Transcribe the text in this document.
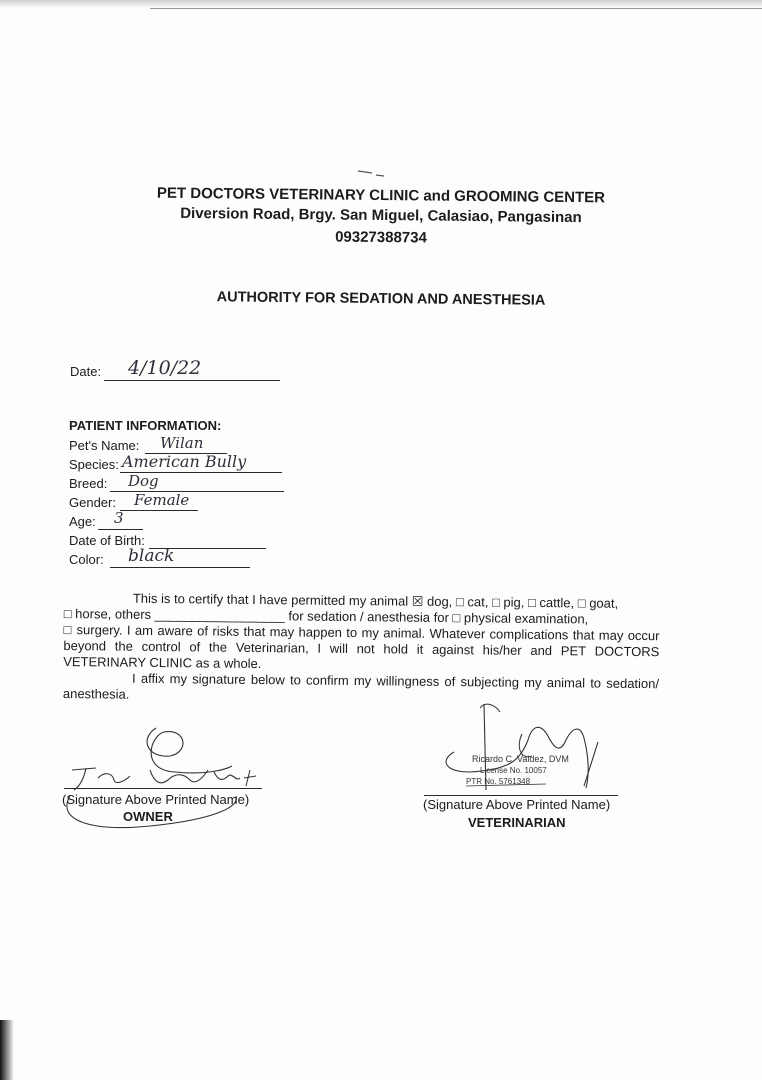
PET DOCTORS VETERINARY CLINIC and GROOMING CENTER
Diversion Road, Brgy. San Miguel, Calasiao, Pangasinan
09327388734
AUTHORITY FOR SEDATION AND ANESTHESIA
Date: 4/10/22
PATIENT INFORMATION:
Pet's Name: Wilan
Species: American Bully
Breed: Dog
Gender: Female
Age: 3
Date of Birth:
Color: black

This is to certify that I have permitted my animal ☒ dog, □ cat, □ pig, □ cattle, □ goat,

□ horse, others __________________ for sedation / anesthesia for □ physical examination,

□ surgery. I am aware of risks that may happen to my animal. Whatever complications that may occur beyond the control of the Veterinarian, I will not hold it against his/her and PET DOCTORS VETERINARY CLINIC as a whole.

I affix my signature below to confirm my willingness of subjecting my animal to sedation/ anesthesia.

(Signature Above Printed Name)
OWNER
Ricardo C. Valdez, DVM
License No. 10057
PTR No. 5761348
(Signature Above Printed Name)
VETERINARIAN
